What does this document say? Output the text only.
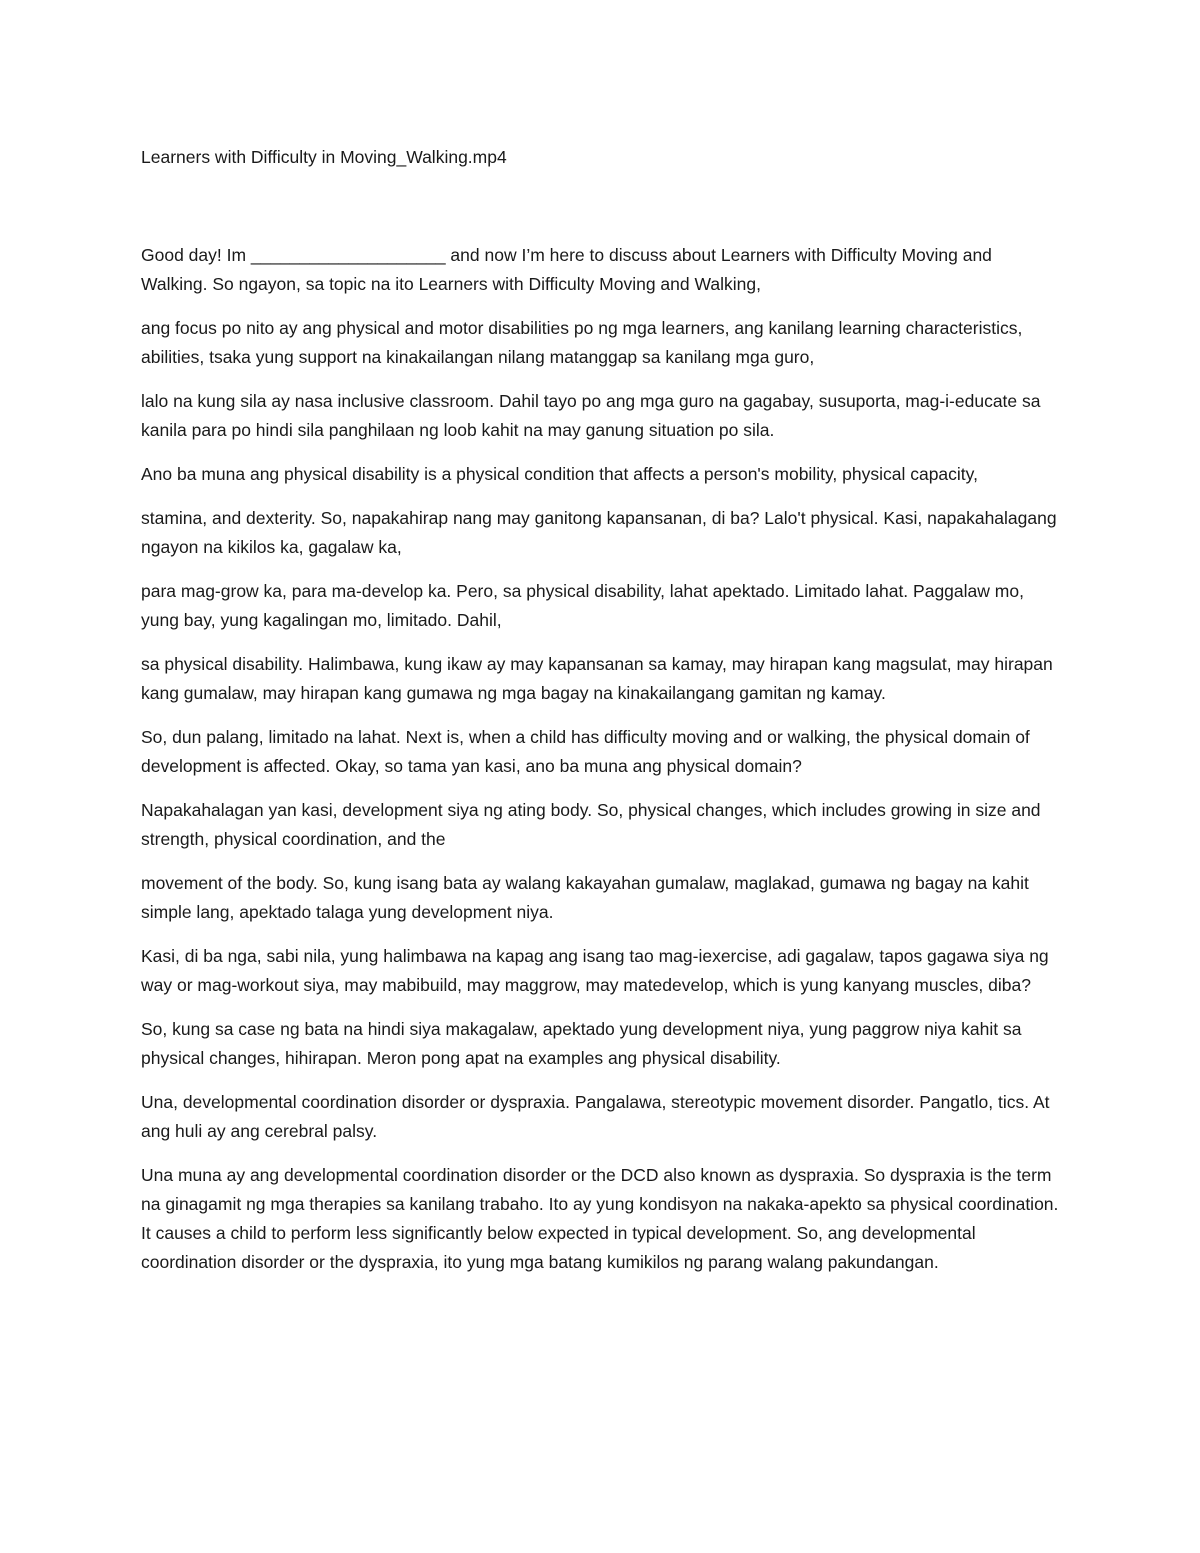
Learners with Difficulty in Moving_Walking.mp4

Good day! Im ____________________ and now I’m here to discuss about Learners with Difficulty Moving and Walking. So ngayon, sa topic na ito Learners with Difficulty Moving and Walking,

ang focus po nito ay ang physical and motor disabilities po ng mga learners, ang kanilang learning characteristics, abilities, tsaka yung support na kinakailangan nilang matanggap sa kanilang mga guro,

lalo na kung sila ay nasa inclusive classroom. Dahil tayo po ang mga guro na gagabay, susuporta, mag-i-educate sa kanila para po hindi sila panghilaan ng loob kahit na may ganung situation po sila.

Ano ba muna ang physical disability is a physical condition that affects a person's mobility, physical capacity,

stamina, and dexterity. So, napakahirap nang may ganitong kapansanan, di ba? Lalo't physical. Kasi, napakahalagang ngayon na kikilos ka, gagalaw ka,

para mag-grow ka, para ma-develop ka. Pero, sa physical disability, lahat apektado. Limitado lahat. Paggalaw mo, yung bay, yung kagalingan mo, limitado. Dahil,

sa physical disability. Halimbawa, kung ikaw ay may kapansanan sa kamay, may hirapan kang magsulat, may hirapan kang gumalaw, may hirapan kang gumawa ng mga bagay na kinakailangang gamitan ng kamay.

So, dun palang, limitado na lahat. Next is, when a child has difficulty moving and or walking, the physical domain of development is affected. Okay, so tama yan kasi, ano ba muna ang physical domain?

Napakahalagan yan kasi, development siya ng ating body. So, physical changes, which includes growing in size and strength, physical coordination, and the

movement of the body. So, kung isang bata ay walang kakayahan gumalaw, maglakad, gumawa ng bagay na kahit simple lang, apektado talaga yung development niya.

Kasi, di ba nga, sabi nila, yung halimbawa na kapag ang isang tao mag-iexercise, adi gagalaw, tapos gagawa siya ng way or mag-workout siya, may mabibuild, may maggrow, may matedevelop, which is yung kanyang muscles, diba?

So, kung sa case ng bata na hindi siya makagalaw, apektado yung development niya, yung paggrow niya kahit sa physical changes, hihirapan. Meron pong apat na examples ang physical disability.

Una, developmental coordination disorder or dyspraxia. Pangalawa, stereotypic movement disorder. Pangatlo, tics. At ang huli ay ang cerebral palsy.

Una muna ay ang developmental coordination disorder or the DCD also known as dyspraxia. So dyspraxia is the term na ginagamit ng mga therapies sa kanilang trabaho. Ito ay yung kondisyon na nakaka-apekto sa physical coordination. It causes a child to perform less significantly below expected in typical development. So, ang developmental coordination disorder or the dyspraxia, ito yung mga batang kumikilos ng parang walang pakundangan.
